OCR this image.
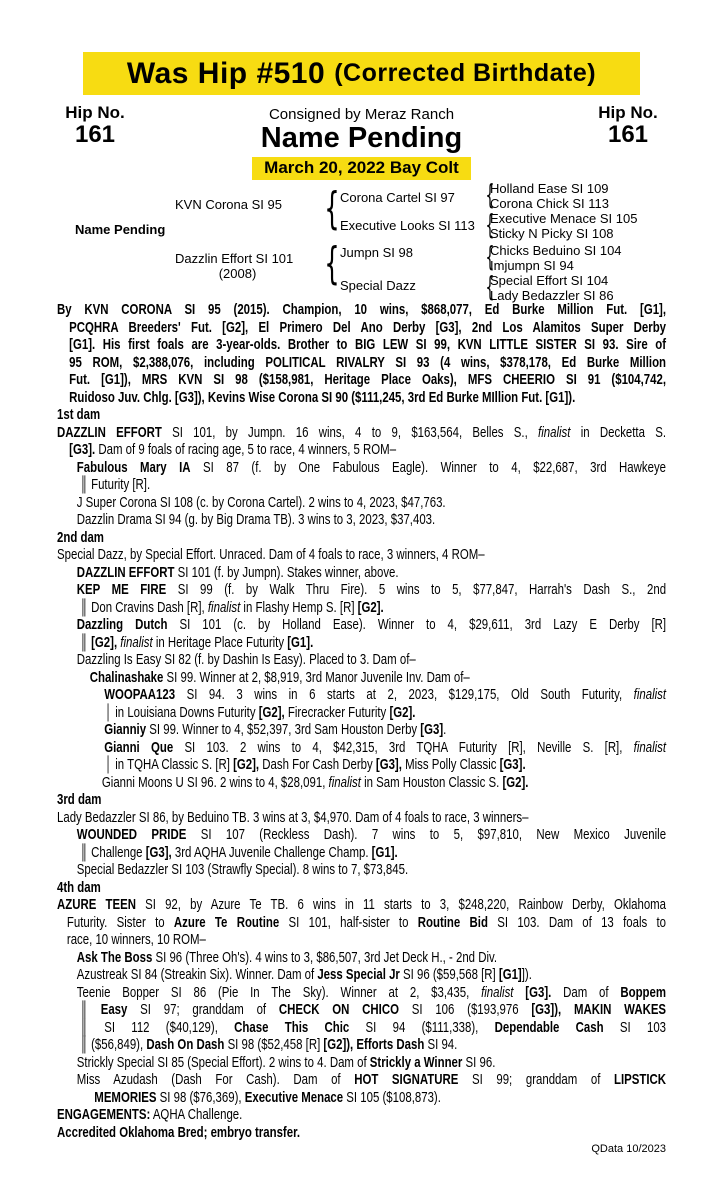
Was Hip #510 (Corrected Birthdate)
Hip No.
161
Hip No.
161
Consigned by Meraz Ranch
Name Pending
March 20, 2022 Bay Colt
Name Pending
KVN Corona SI 95
Dazzlin Effort SI 101
(2008)
{
{
Corona Cartel SI 97
Executive Looks SI 113
Jumpn SI 98
Special Dazz
{
Holland Ease SI 109
Corona Chick SI 113
{
Executive Menace SI 105
Sticky N Picky SI 108
{
Chicks Beduino SI 104
Imjumpn SI 94
{
Special Effort SI 104
Lady Bedazzler SI 86
By KVN CORONA SI 95 (2015). Champion, 10 wins, $868,077, Ed Burke Million Fut. [G1],
PCQHRA Breeders' Fut. [G2], El Primero Del Ano Derby [G3], 2nd Los Alamitos Super Derby
[G1]. His first foals are 3-year-olds. Brother to BIG LEW SI 99, KVN LITTLE SISTER SI 93. Sire of
95 ROM, $2,388,076, including POLITICAL RIVALRY SI 93 (4 wins, $378,178, Ed Burke Million
Fut. [G1]), MRS KVN SI 98 ($158,981, Heritage Place Oaks), MFS CHEERIO SI 91 ($104,742,
Ruidoso Juv. Chlg. [G3]), Kevins Wise Corona SI 90 ($111,245, 3rd Ed Burke MIllion Fut. [G1]).
1st dam
DAZZLIN EFFORT SI 101, by Jumpn. 16 wins, 4 to 9, $163,564, Belles S., finalist in Decketta S.
[G3]. Dam of 9 foals of racing age, 5 to race, 4 winners, 5 ROM–
Fabulous Mary IA SI 87 (f. by One Fabulous Eagle). Winner to 4, $22,687, 3rd Hawkeye
║ Futurity [R].
J Super Corona SI 108 (c. by Corona Cartel). 2 wins to 4, 2023, $47,763.
Dazzlin Drama SI 94 (g. by Big Drama TB). 3 wins to 3, 2023, $37,403.
2nd dam
Special Dazz, by Special Effort. Unraced. Dam of 4 foals to race, 3 winners, 4 ROM–
DAZZLIN EFFORT SI 101 (f. by Jumpn). Stakes winner, above.
KEP ME FIRE SI 99 (f. by Walk Thru Fire). 5 wins to 5, $77,847, Harrah's Dash S., 2nd
║ Don Cravins Dash [R], finalist in Flashy Hemp S. [R] [G2].
Dazzling Dutch SI 101 (c. by Holland Ease). Winner to 4, $29,611, 3rd Lazy E Derby [R]
║ [G2], finalist in Heritage Place Futurity [G1].
Dazzling Is Easy SI 82 (f. by Dashin Is Easy). Placed to 3. Dam of–
Chalinashake SI 99. Winner at 2, $8,919, 3rd Manor Juvenile Inv. Dam of–
WOOPAA123 SI 94. 3 wins in 6 starts at 2, 2023, $129,175, Old South Futurity, finalist
│ in Louisiana Downs Futurity [G2], Firecracker Futurity [G2].
Gianniy SI 99. Winner to 4, $52,397, 3rd Sam Houston Derby [G3].
Gianni Que SI 103. 2 wins to 4, $42,315, 3rd TQHA Futurity [R], Neville S. [R], finalist
│ in TQHA Classic S. [R] [G2], Dash For Cash Derby [G3], Miss Polly Classic [G3].
Gianni Moons U SI 96. 2 wins to 4, $28,091, finalist in Sam Houston Classic S. [G2].
3rd dam
Lady Bedazzler SI 86, by Beduino TB. 3 wins at 3, $4,970. Dam of 4 foals to race, 3 winners–
WOUNDED PRIDE SI 107 (Reckless Dash). 7 wins to 5, $97,810, New Mexico Juvenile
║ Challenge [G3], 3rd AQHA Juvenile Challenge Champ. [G1].
Special Bedazzler SI 103 (Strawfly Special). 8 wins to 7, $73,845.
4th dam
AZURE TEEN SI 92, by Azure Te TB. 6 wins in 11 starts to 3, $248,220, Rainbow Derby, Oklahoma
Futurity. Sister to Azure Te Routine SI 101, half-sister to Routine Bid SI 103. Dam of 13 foals to
race, 10 winners, 10 ROM–
Ask The Boss SI 96 (Three Oh's). 4 wins to 3, $86,507, 3rd Jet Deck H., - 2nd Div.
Azustreak SI 84 (Streakin Six). Winner. Dam of Jess Special Jr SI 96 ($59,568 [R] [G1]]).
Teenie Bopper SI 86 (Pie In The Sky). Winner at 2, $3,435, finalist [G3]. Dam of Boppem
║ Easy SI 97; granddam of CHECK ON CHICO SI 106 ($193,976 [G3]), MAKIN WAKES
║ SI 112 ($40,129), Chase This Chic SI 94 ($111,338), Dependable Cash SI 103
║ ($56,849), Dash On Dash SI 98 ($52,458 [R] [G2]), Efforts Dash SI 94.
Strickly Special SI 85 (Special Effort). 2 wins to 4. Dam of Strickly a Winner SI 96.
Miss Azudash (Dash For Cash). Dam of HOT SIGNATURE SI 99; granddam of LIPSTICK
MEMORIES SI 98 ($76,369), Executive Menace SI 105 ($108,873).
ENGAGEMENTS: AQHA Challenge.
Accredited Oklahoma Bred; embryo transfer.
QData 10/2023
